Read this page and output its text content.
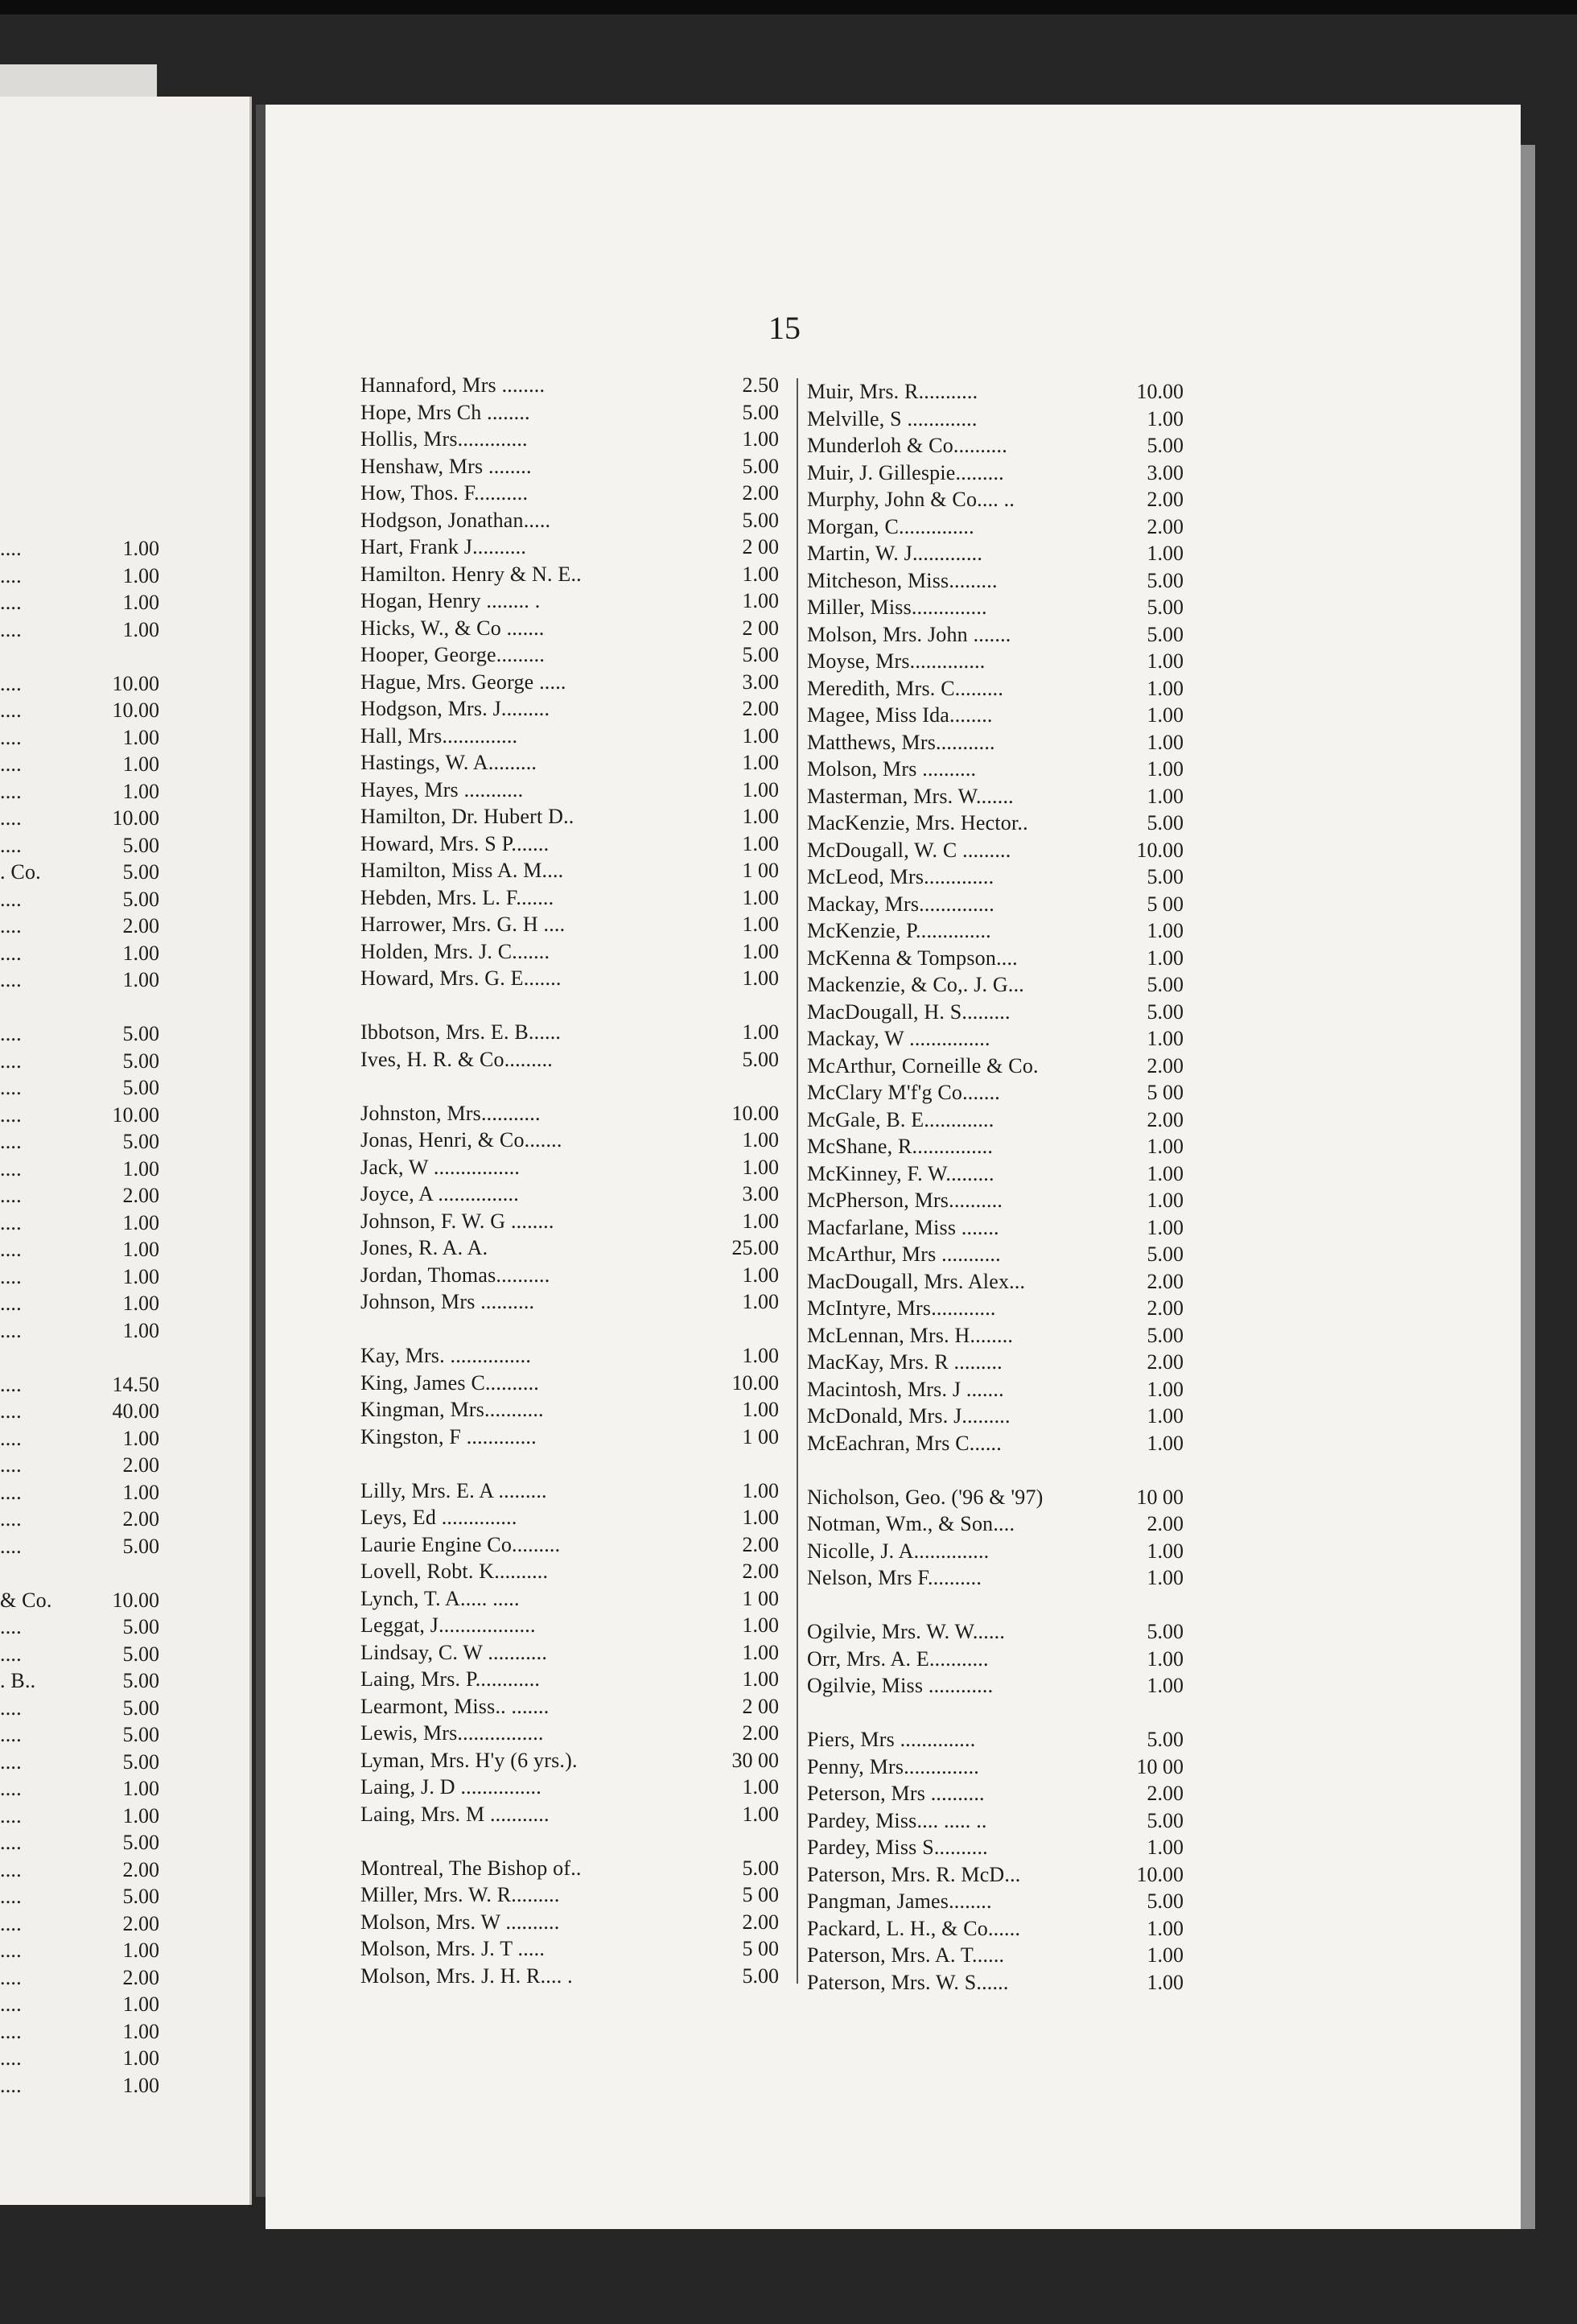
....	1.00
....	1.00
....	1.00
....	1.00
....	10.00
....	10.00
....	1.00
....	1.00
....	1.00
....	10.00
....	5.00
. Co.	5.00
....	5.00
....	2.00
....	1.00
....	1.00
....	5.00
....	5.00
....	5.00
....	10.00
....	5.00
....	1.00
....	2.00
....	1.00
....	1.00
....	1.00
....	1.00
....	1.00
....	14.50
....	40.00
....	1.00
....	2.00
....	1.00
....	2.00
....	5.00
& Co.	10.00
....	5.00
....	5.00
. B..	5.00
....	5.00
....	5.00
....	5.00
....	1.00
....	1.00
....	5.00
....	2.00
....	5.00
....	2.00
....	1.00
....	2.00
....	1.00
....	1.00
....	1.00
....	1.00
15
Hannaford, Mrs ........	2.50
Hope, Mrs Ch ........	5.00
Hollis, Mrs.............	1.00
Henshaw, Mrs ........	5.00
How, Thos. F..........	2.00
Hodgson, Jonathan.....	5.00
Hart, Frank J..........	2 00
Hamilton. Henry & N. E..	1.00
Hogan, Henry ........ .	1.00
Hicks, W., & Co .......	2 00
Hooper, George.........	5.00
Hague, Mrs. George .....	3.00
Hodgson, Mrs. J.........	2.00
Hall, Mrs..............	1.00
Hastings, W. A.........	1.00
Hayes, Mrs ...........	1.00
Hamilton, Dr. Hubert D..	1.00
Howard, Mrs. S P.......	1.00
Hamilton, Miss A. M....	1 00
Hebden, Mrs. L. F.......	1.00
Harrower, Mrs. G. H ....	1.00
Holden, Mrs. J. C.......	1.00
Howard, Mrs. G. E.......	1.00
Ibbotson, Mrs. E. B......	1.00
Ives, H. R. & Co.........	5.00
Johnston, Mrs...........	10.00
Jonas, Henri, & Co.......	1.00
Jack, W ................	1.00
Joyce, A ...............	3.00
Johnson, F. W. G ........	1.00
Jones, R. A. A.	25.00
Jordan, Thomas..........	1.00
Johnson, Mrs ..........	1.00
Kay, Mrs. ...............	1.00
King, James C..........	10.00
Kingman, Mrs...........	1.00
Kingston, F .............	1 00
Lilly, Mrs. E. A .........	1.00
Leys, Ed ..............	1.00
Laurie Engine Co.........	2.00
Lovell, Robt. K..........	2.00
Lynch, T. A..... .....	1 00
Leggat, J..................	1.00
Lindsay, C. W ...........	1.00
Laing, Mrs. P............	1.00
Learmont, Miss.. .......	2 00
Lewis, Mrs................	2.00
Lyman, Mrs. H'y (6 yrs.).	30 00
Laing, J. D ...............	1.00
Laing, Mrs. M ...........	1.00
Montreal, The Bishop of..	5.00
Miller, Mrs. W. R.........	5 00
Molson, Mrs. W ..........	2.00
Molson, Mrs. J. T .....	5 00
Molson, Mrs. J. H. R.... .	5.00
Muir, Mrs. R...........	10.00
Melville, S .............	1.00
Munderloh & Co..........	5.00
Muir, J. Gillespie.........	3.00
Murphy, John & Co.... ..	2.00
Morgan, C..............	2.00
Martin, W. J.............	1.00
Mitcheson, Miss.........	5.00
Miller, Miss..............	5.00
Molson, Mrs. John .......	5.00
Moyse, Mrs..............	1.00
Meredith, Mrs. C.........	1.00
Magee, Miss Ida........	1.00
Matthews, Mrs...........	1.00
Molson, Mrs ..........	1.00
Masterman, Mrs. W.......	1.00
MacKenzie, Mrs. Hector..	5.00
McDougall, W. C .........	10.00
McLeod, Mrs.............	5.00
Mackay, Mrs..............	5 00
McKenzie, P..............	1.00
McKenna & Tompson....	1.00
Mackenzie, & Co,. J. G...	5.00
MacDougall, H. S.........	5.00
Mackay, W ...............	1.00
McArthur, Corneille & Co.	2.00
McClary M'f'g Co.......	5 00
McGale, B. E.............	2.00
McShane, R...............	1.00
McKinney, F. W.........	1.00
McPherson, Mrs..........	1.00
Macfarlane, Miss .......	1.00
McArthur, Mrs ...........	5.00
MacDougall, Mrs. Alex...	2.00
McIntyre, Mrs............	2.00
McLennan, Mrs. H........	5.00
MacKay, Mrs. R .........	2.00
Macintosh, Mrs. J .......	1.00
McDonald, Mrs. J.........	1.00
McEachran, Mrs C......	1.00
Nicholson, Geo. ('96 & '97)	10 00
Notman, Wm., & Son....	2.00
Nicolle, J. A..............	1.00
Nelson, Mrs F..........	1.00
Ogilvie, Mrs. W. W......	5.00
Orr, Mrs. A. E...........	1.00
Ogilvie, Miss ............	1.00
Piers, Mrs ..............	5.00
Penny, Mrs..............	10 00
Peterson, Mrs ..........	2.00
Pardey, Miss.... ..... ..	5.00
Pardey, Miss S..........	1.00
Paterson, Mrs. R. McD...	10.00
Pangman, James........	5.00
Packard, L. H., & Co......	1.00
Paterson, Mrs. A. T......	1.00
Paterson, Mrs. W. S......	1.00
